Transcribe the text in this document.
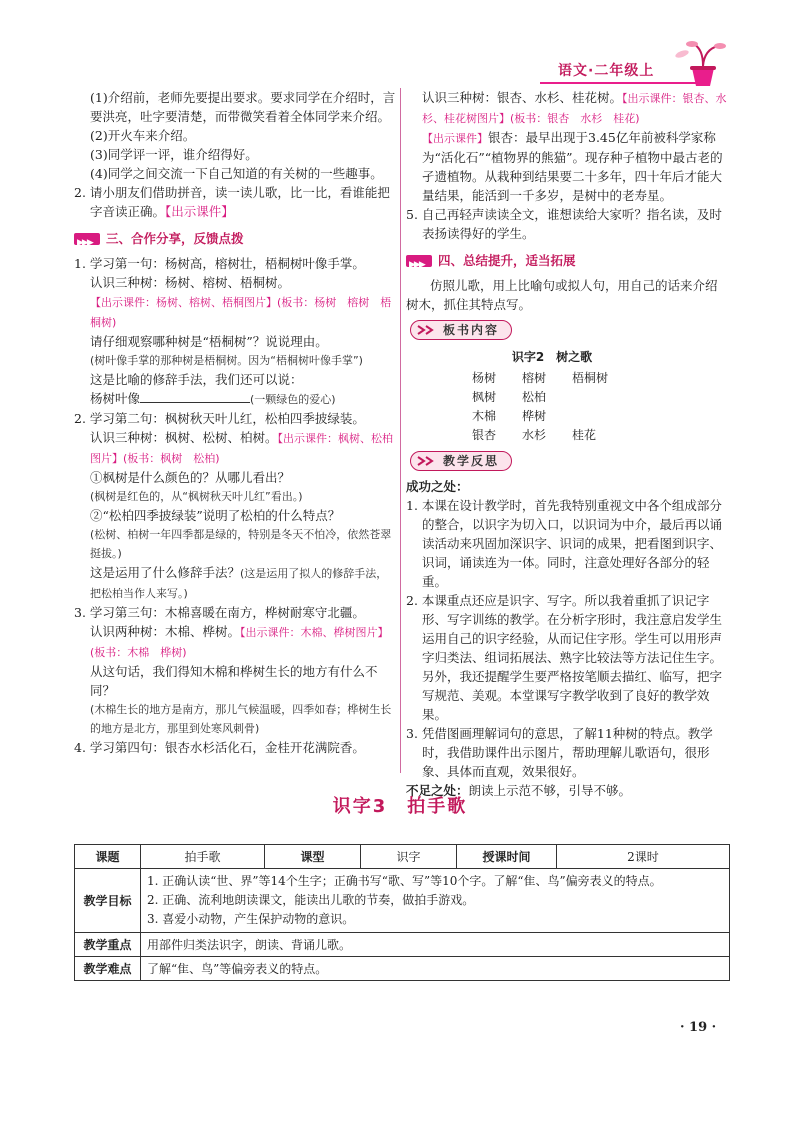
语文·二年级上

(1)介绍前，老师先要提出要求。要求同学在介绍时，言要洪亮，吐字要清楚，而带微笑看着全体同学来介绍。

(2)开火车来介绍。

(3)同学评一评，谁介绍得好。

(4)同学之间交流一下自己知道的有关树的一些趣事。

2. 请小朋友们借助拼音，读一读儿歌，比一比，看谁能把字音读正确。【出示课件】

▶▶▶ 三、合作分享，反馈点拨

1. 学习第一句：杨树高，榕树壮，梧桐树叶像手掌。

认识三种树：杨树、榕树、梧桐树。

【出示课件：杨树、榕树、梧桐图片】(板书：杨树　榕树　梧桐树)

请仔细观察哪种树是“梧桐树”？说说理由。

(树叶像手掌的那种树是梧桐树。因为“梧桐树叶像手掌”)

这是比喻的修辞手法，我们还可以说：

杨树叶像	(一颗绿色的爱心)

2. 学习第二句：枫树秋天叶儿红，松柏四季披绿装。

认识三种树：枫树、松树、柏树。【出示课件：枫树、松柏图片】(板书：枫树　松柏)

①枫树是什么颜色的？从哪儿看出？

(枫树是红色的，从“枫树秋天叶儿红”看出。)

②“松柏四季披绿装”说明了松柏的什么特点？

(松树、柏树一年四季都是绿的，特别是冬天不怕冷，依然苍翠挺拔。)

这是运用了什么修辞手法？(这是运用了拟人的修辞手法，把松柏当作人来写。)

3. 学习第三句：木棉喜暖在南方，桦树耐寒守北疆。

认识两种树：木棉、桦树。【出示课件：木棉、桦树图片】(板书：木棉　桦树)

从这句话，我们得知木棉和桦树生长的地方有什么不同？

(木棉生长的地方是南方，那儿气候温暖，四季如春；桦树生长的地方是北方，那里到处寒风刺骨)

4. 学习第四句：银杏水杉活化石，金桂开花满院香。

认识三种树：银杏、水杉、桂花树。【出示课件：银杏、水杉、桂花树图片】(板书：银杏　水杉　桂花)

【出示课件】银杏：最早出现于3.45亿年前被科学家称为“活化石”“植物界的熊猫”。现存种子植物中最古老的孑遗植物。从栽种到结果要二十多年，四十年后才能大量结果，能活到一千多岁，是树中的老寿星。

5. 自己再轻声读读全文，谁想读给大家听？指名读，及时表扬读得好的学生。

▶▶▶ 四、总结提升，适当拓展

仿照儿歌，用上比喻句或拟人句，用自己的话来介绍树木，抓住其特点写。

板书内容

识字2　树之歌

杨树 榕树 梧桐树
枫树 松柏
木棉 桦树
银杏 水杉 桂花
教学反思

成功之处：

1. 本课在设计教学时，首先我特别重视文中各个组成部分的整合，以识字为切入口，以识词为中介，最后再以诵读活动来巩固加深识字、识词的成果，把看图到识字、识词，诵读连为一体。同时，注意处理好各部分的轻重。

2. 本课重点还应是识字、写字。所以我着重抓了识记字形、写字训练的教学。在分析字形时，我注意启发学生运用自己的识字经验，从而记住字形。学生可以用形声字归类法、组词拓展法、熟字比较法等方法记住生字。另外，我还提醒学生要严格按笔顺去描红、临写，把字写规范、美观。本堂课写字教学收到了良好的教学效果。

3. 凭借图画理解词句的意思，了解11种树的特点。教学时，我借助课件出示图片，帮助理解儿歌语句，很形象、具体而直观，效果很好。

不足之处：朗读上示范不够，引导不够。

识字3　拍手歌
课题	拍手歌	课型	识字	授课时间	2课时
教学目标	1. 正确认读“世、界”等14个生字；正确书写“歌、写”等10个字。了解“隹、鸟”偏旁表义的特点。
2. 正确、流利地朗读课文，能读出儿歌的节奏，做拍手游戏。
3. 喜爱小动物，产生保护动物的意识。				

教学重点	用部件归类法识字，朗读、背诵儿歌。				
教学难点	了解“隹、鸟”等偏旁表义的特点。				
· 19 ·
